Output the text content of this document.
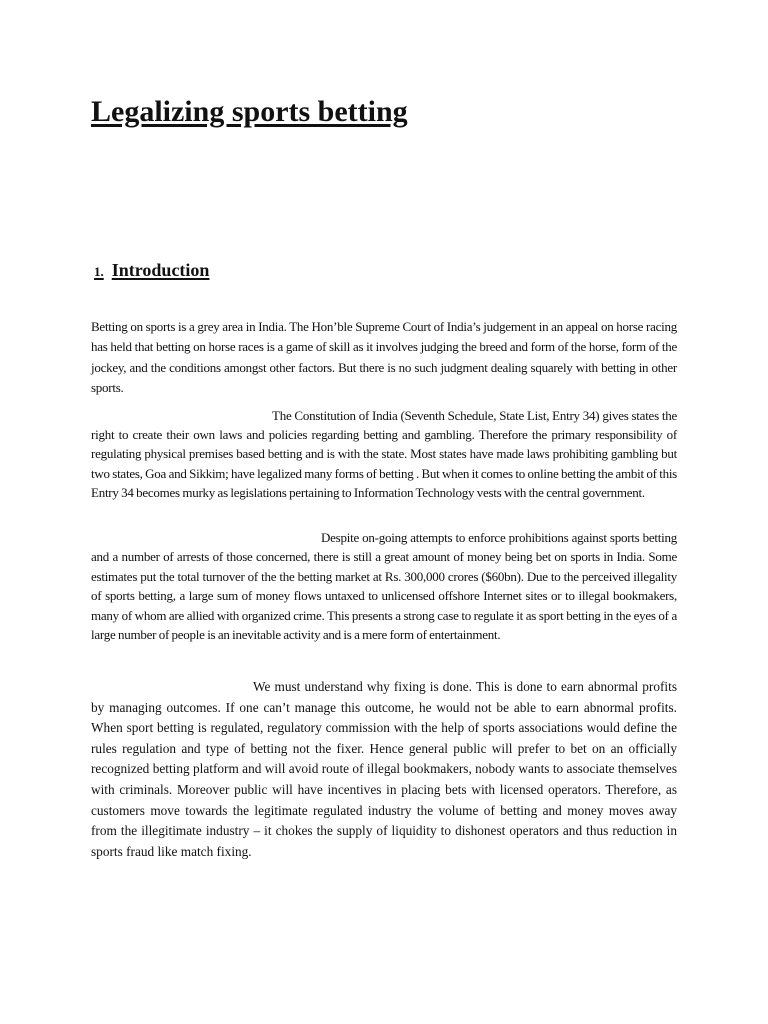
Legalizing sports betting
1. Introduction

Betting on sports is a grey area in India. The Hon’ble Supreme Court of India’s judgement in an appeal on horse racing has held that betting on horse races is a game of skill as it involves judging the breed and form of the horse, form of the jockey, and the conditions amongst other factors. But there is no such judgment dealing squarely with betting in other sports.

The Constitution of India (Seventh Schedule, State List, Entry 34) gives states the right to create their own laws and policies regarding betting and gambling. Therefore the primary responsibility of regulating physical premises based betting and is with the state. Most states have made laws prohibiting gambling but two states, Goa and Sikkim; have legalized many forms of betting . But when it comes to online betting the ambit of this Entry 34 becomes murky as legislations pertaining to Information Technology vests with the central government.

Despite on-going attempts to enforce prohibitions against sports betting and a number of arrests of those concerned, there is still a great amount of money being bet on sports in India. Some estimates put the total turnover of the the betting market at Rs. 300,000 crores ($60bn). Due to the perceived illegality of sports betting, a large sum of money flows untaxed to unlicensed offshore Internet sites or to illegal bookmakers, many of whom are allied with organized crime. This presents a strong case to regulate it as sport betting in the eyes of a large number of people is an inevitable activity and is a mere form of entertainment.

We must understand why fixing is done. This is done to earn abnormal profits by managing outcomes. If one can’t manage this outcome, he would not be able to earn abnormal profits. When sport betting is regulated, regulatory commission with the help of sports associations would define the rules regulation and type of betting not the fixer. Hence general public will prefer to bet on an officially recognized betting platform and will avoid route of illegal bookmakers, nobody wants to associate themselves with criminals. Moreover public will have incentives in placing bets with licensed operators. Therefore, as customers move towards the legitimate regulated industry the volume of betting and money moves away from the illegitimate industry – it chokes the supply of liquidity to dishonest operators and thus reduction in sports fraud like match fixing.
